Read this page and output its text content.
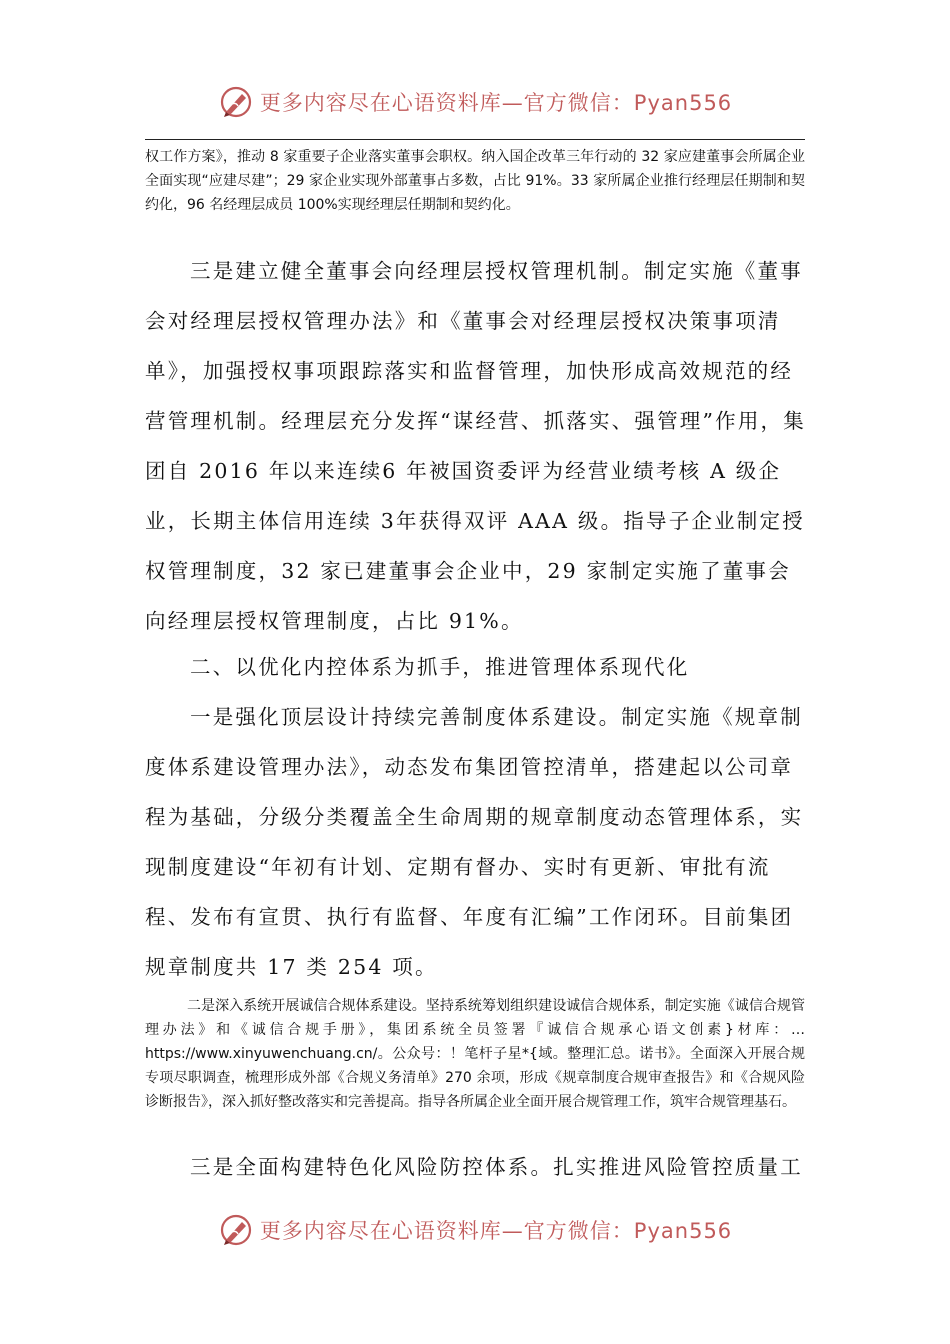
更多内容尽在心语资料库—官方微信：Pyan556
权工作方案》，推动 8 家重要子企业落实董事会职权。纳入国企改革三年行动的 32 家应建董事会所属企业全面实现“应建尽建”；29 家企业实现外部董事占多数，占比 91%。33 家所属企业推行经理层任期制和契约化，96 名经理层成员 100%实现经理层任期制和契约化。
三是建立健全董事会向经理层授权管理机制。制定实施《董事会对经理层授权管理办法》和《董事会对经理层授权决策事项清单》，加强授权事项跟踪落实和监督管理，加快形成高效规范的经营管理机制。经理层充分发挥“谋经营、抓落实、强管理”作用，集团自 2016 年以来连续6 年被国资委评为经营业绩考核 A 级企业，长期主体信用连续 3年获得双评 AAA 级。指导子企业制定授权管理制度，32 家已建董事会企业中，29 家制定实施了董事会向经理层授权管理制度，占比 91%。
二、以优化内控体系为抓手，推进管理体系现代化
一是强化顶层设计持续完善制度体系建设。制定实施《规章制度体系建设管理办法》，动态发布集团管控清单，搭建起以公司章程为基础，分级分类覆盖全生命周期的规章制度动态管理体系，实现制度建设“年初有计划、定期有督办、实时有更新、审批有流程、发布有宣贯、执行有监督、年度有汇编”工作闭环。目前集团规章制度共 17 类 254 项。
二是深入系统开展诚信合规体系建设。坚持系统筹划组织建设诚信合规体系，制定实施《诚信合规管理办法》和《诚信合规手册》，集团系统全员签署『诚信合规承心语文创素}材库：…https://www.xinyuwenchuang.cn/。公众号：！笔杆子星*{域。整理汇总。诺书》。全面深入开展合规专项尽职调查，梳理形成外部《合规义务清单》270 余项，形成《规章制度合规审查报告》和《合规风险诊断报告》，深入抓好整改落实和完善提高。指导各所属企业全面开展合规管理工作，筑牢合规管理基石。
三是全面构建特色化风险防控体系。扎实推进风险管控质量工
更多内容尽在心语资料库—官方微信：Pyan556
